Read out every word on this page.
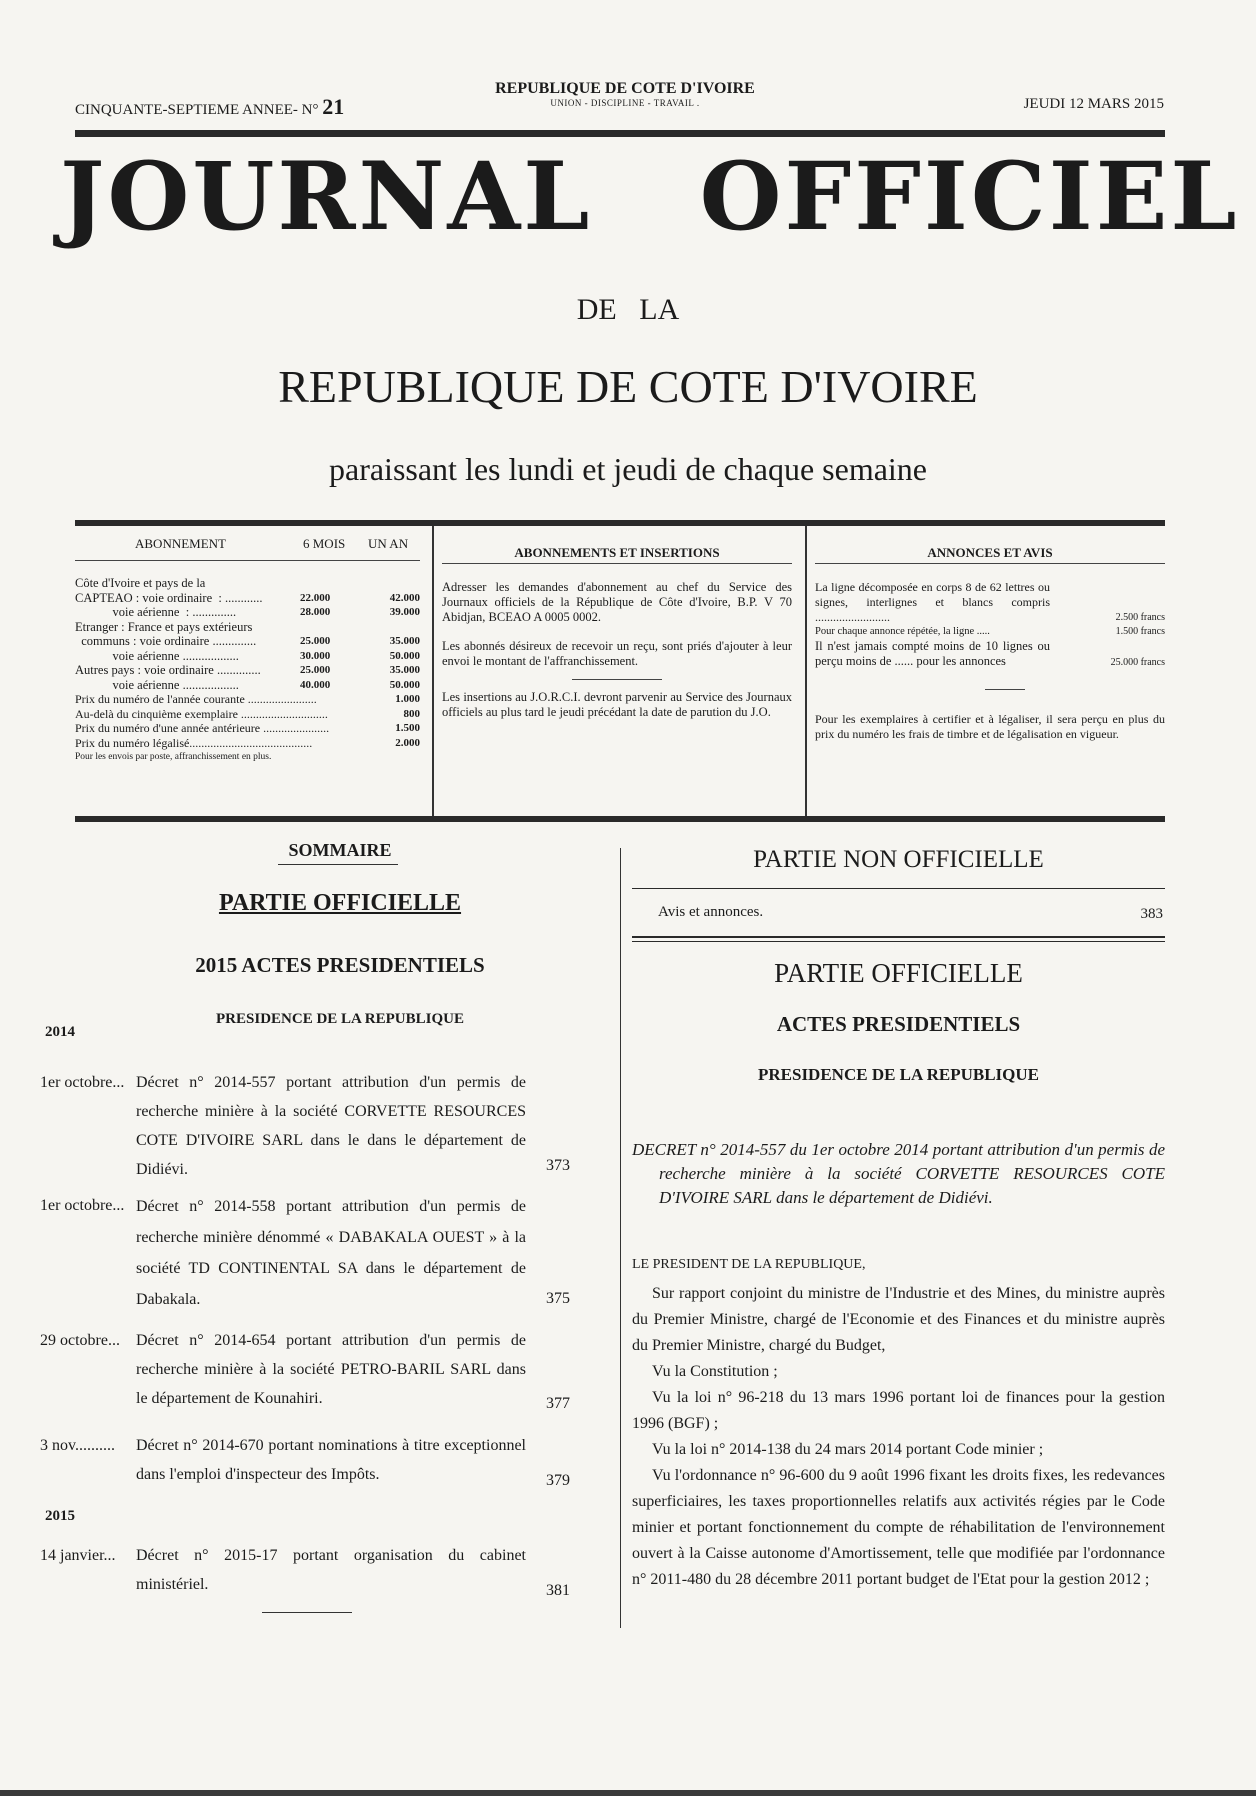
CINQUANTE-SEPTIEME ANNEE- N° 21
REPUBLIQUE DE COTE D'IVOIRE
UNION - DISCIPLINE - TRAVAIL .	JEUDI 12 MARS 2015
JOURNAL   OFFICIEL
DE   LA
REPUBLIQUE DE COTE D'IVOIRE
paraissant les lundi et jeudi de chaque semaine
ABONNEMENT	6 MOIS UN AN
Côte d'Ivoire et pays de la
CAPTEAO : voie ordinaire  : ............	22.000	42.000
voie aérienne  : ..............	28.000	39.000
Etranger : France et pays extérieurs
communs : voie ordinaire ..............	25.000	35.000
voie aérienne ..................	30.000	50.000
Autres pays : voie ordinaire ..............	25.000	35.000
voie aérienne ..................	40.000	50.000
Prix du numéro de l'année courante .......................	1.000
Au-delà du cinquième exemplaire .............................	800
Prix du numéro d'une année antérieure ......................	1.500
Prix du numéro légalisé.........................................	2.000
Pour les envois par poste, affranchissement en plus.
ABONNEMENTS ET INSERTIONS
Adresser les demandes d'abonnement au chef du Service des Journaux officiels de la République de Côte d'Ivoire, B.P. V 70 Abidjan, BCEAO A 0005 0002.
Les abonnés désireux de recevoir un reçu, sont priés d'ajouter à leur envoi le montant de l'affranchissement.
Les insertions au J.O.R.C.I. devront parvenir au Service des Journaux officiels au plus tard le jeudi précédant la date de parution du J.O.
ANNONCES ET AVIS
La ligne décomposée en corps 8 de 62 lettres ou signes, interlignes et blancs compris .........................	2.500 francs
Pour chaque annonce répétée, la ligne .....	1.500 francs
Il n'est jamais compté moins de 10 lignes ou perçu moins de ...... pour les annonces	25.000 francs
Pour les exemplaires à certifier et à légaliser, il sera perçu en plus du prix du numéro les frais de timbre et de légalisation en vigueur.
SOMMAIRE
PARTIE OFFICIELLE
2015 ACTES PRESIDENTIELS
PRESIDENCE DE LA REPUBLIQUE
2014
1er octobre... Décret n° 2014-557 portant attribution d'un permis de recherche minière à la société CORVETTE RESOURCES COTE D'IVOIRE SARL dans le dans le département de Didiévi.	373
1er octobre... Décret n° 2014-558 portant attribution d'un permis de recherche minière dénommé « DABAKALA OUEST » à la société TD CONTINENTAL SA dans le département de Dabakala.	375
29 octobre... Décret n° 2014-654 portant attribution d'un permis de recherche minière à la société PETRO-BARIL SARL dans le département de Kounahiri.	377
3 nov.......... Décret n° 2014-670 portant nominations à titre exceptionnel dans l'emploi d'inspecteur des Impôts.	379
2015
14 janvier... Décret n° 2015-17 portant organisation du cabinet ministériel.	381
PARTIE NON OFFICIELLE
Avis et annonces.	383
PARTIE OFFICIELLE
ACTES PRESIDENTIELS
PRESIDENCE DE LA REPUBLIQUE
DECRET n° 2014-557 du 1er octobre 2014 portant attribution d'un permis de recherche minière à la société CORVETTE RESOURCES COTE D'IVOIRE SARL dans le département de Didiévi.
LE PRESIDENT DE LA REPUBLIQUE,
Sur rapport conjoint du ministre de l'Industrie et des Mines, du ministre auprès du Premier Ministre, chargé de l'Economie et des Finances et du ministre auprès du Premier Ministre, chargé du Budget,
Vu la Constitution ;
Vu la loi n° 96-218 du 13 mars 1996 portant loi de finances pour la gestion 1996 (BGF) ;
Vu la loi n° 2014-138 du 24 mars 2014 portant Code minier ;
Vu l'ordonnance n° 96-600 du 9 août 1996 fixant les droits fixes, les redevances superficiaires, les taxes proportionnelles relatifs aux activités régies par le Code minier et portant fonctionnement du compte de réhabilitation de l'environnement ouvert à la Caisse autonome d'Amortissement, telle que modifiée par l'ordonnance n° 2011-480 du 28 décembre 2011 portant budget de l'Etat pour la gestion 2012 ;
